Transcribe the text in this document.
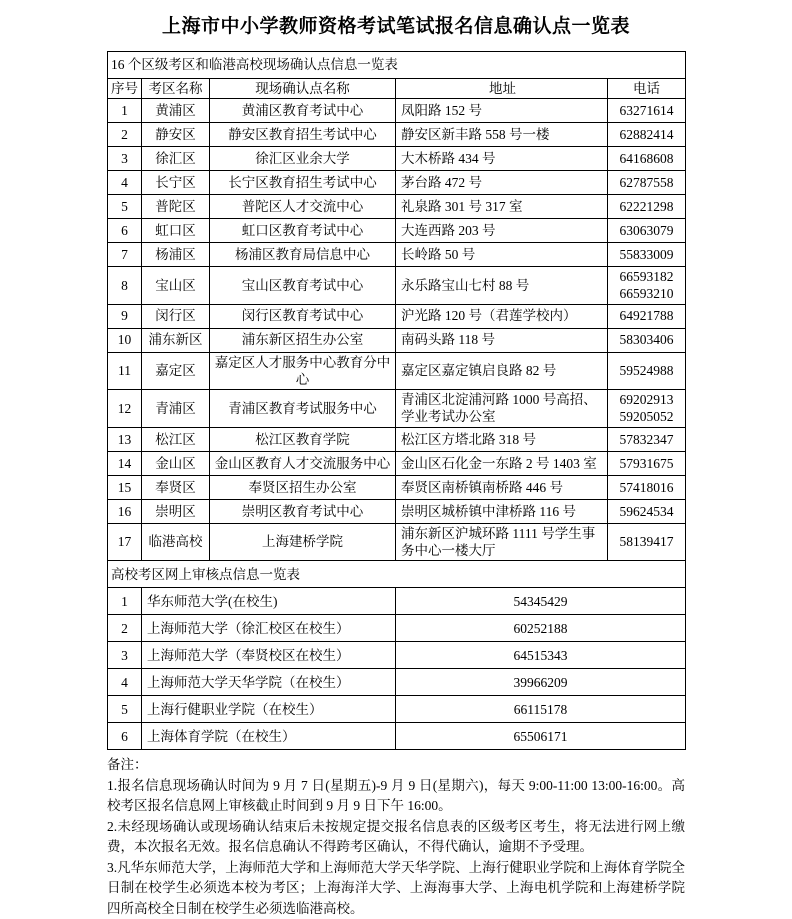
上海市中小学教师资格考试笔试报名信息确认点一览表
16 个区级考区和临港高校现场确认点信息一览表				
序号	考区名称	现场确认点名称	地址	电话
1	黄浦区	黄浦区教育考试中心	凤阳路 152 号	63271614
2	静安区	静安区教育招生考试中心	静安区新丰路 558 号一楼	62882414
3	徐汇区	徐汇区业余大学	大木桥路 434 号	64168608
4	长宁区	长宁区教育招生考试中心	茅台路 472 号	62787558
5	普陀区	普陀区人才交流中心	礼泉路 301 号 317 室	62221298
6	虹口区	虹口区教育考试中心	大连西路 203 号	63063079
7	杨浦区	杨浦区教育局信息中心	长岭路 50 号	55833009
8	宝山区	宝山区教育考试中心	永乐路宝山七村 88 号	66593182
66593210
9	闵行区	闵行区教育考试中心	沪光路 120 号（君莲学校内）	64921788
10	浦东新区	浦东新区招生办公室	南码头路 118 号	58303406
11	嘉定区	嘉定区人才服务中心教育分中心	嘉定区嘉定镇启良路 82 号	59524988
12	青浦区	青浦区教育考试服务中心	青浦区北淀浦河路 1000 号高招、学业考试办公室	69202913
59205052
13	松江区	松江区教育学院	松江区方塔北路 318 号	57832347
14	金山区	金山区教育人才交流服务中心	金山区石化金一东路 2 号 1403 室	57931675
15	奉贤区	奉贤区招生办公室	奉贤区南桥镇南桥路 446 号	57418016
16	崇明区	崇明区教育考试中心	崇明区城桥镇中津桥路 116 号	59624534
17	临港高校	上海建桥学院	浦东新区沪城环路 1111 号学生事务中心一楼大厅	58139417
高校考区网上审核点信息一览表				
1	华东师范大学(在校生)		54345429	
2	上海师范大学（徐汇校区在校生）		60252188	
3	上海师范大学（奉贤校区在校生）		64515343	
4	上海师范大学天华学院（在校生）		39966209	
5	上海行健职业学院（在校生）		66115178	
6	上海体育学院（在校生）		65506171	
备注：
1.报名信息现场确认时间为 9 月 7 日(星期五)-9 月 9 日(星期六)，每天 9:00-11:00 13:00-16:00。高校考区报名信息网上审核截止时间到 9 月 9 日下午 16:00。
2.未经现场确认或现场确认结束后未按规定提交报名信息表的区级考区考生，将无法进行网上缴费，本次报名无效。报名信息确认不得跨考区确认，不得代确认，逾期不予受理。
3.凡华东师范大学，上海师范大学和上海师范大学天华学院、上海行健职业学院和上海体育学院全日制在校学生必须选本校为考区；上海海洋大学、上海海事大学、上海电机学院和上海建桥学院四所高校全日制在校学生必须选临港高校。
